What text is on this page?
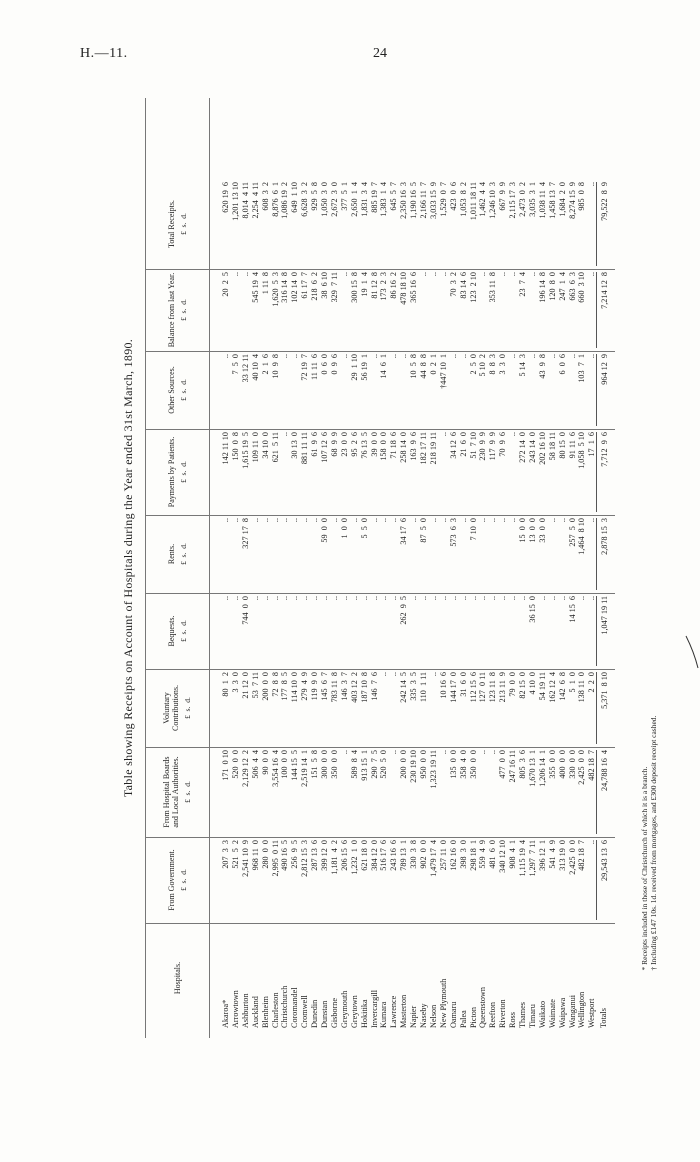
H.—11.	24
Table showing Receipts on Account of Hospitals during the Year ended 31st March, 1890.
Hospitals.
From Government. £  s.  d.
From Hospital Boards and Local Authorities. £  s.  d.
Voluntary Contributions. £  s.  d.
Bequests. £  s.  d.
Rents. £  s.  d.
Payments by Patients. £  s.  d.
Other Sources. £  s.  d.
Balance from last Year. £  s.  d.
Total Receipts. £  s.  d.
Akaroa*
207  3  3
171  0 10
80  1  2
..
..
142 11 10
..
20  2  5
620 19  6
Arrowtown
521  5  2
520  0  0
3  3  0
..
..
150  0  8
7  5  0
..
1,201 13 10
Ashburton
2,541 10  9
2,129 12  2
21 12  0
744  0  0
327 17  8
1,615 19  5
33 12 11
..
8,014  4 11
Auckland
968 11  0
506  4  4
53  7 11
..
..
109 11  0
40 10  4
545 19  4
2,254  4 11
Blenheim
280  0  0
90  0  0
200  0  0
..
..
34 10  0
2  1  6
1 11  8
608  3  2
Charleston
2,995  0 11
3,554 16  4
72  8  8
..
..
621  5 11
10  9  8
1,620  5  3
8,876  6  1
Christchurch
490 16  5
100  0  0
177  8  5
..
..
..
..
316 14  8
1,086 19  2
Coromandel
256  9  5
144 15  5
114 10  0
..
..
30 13  0
..
102 14  0
649  1 10
Cromwell
2,812 15  3
2,519 14  1
279  4  9
..
..
881 11 11
72 19  7
61 17  7
6,628  3  2
Dunedin
287 13  6
151  5  8
119  9  0
..
..
61  9  6
11 11  6
218  6  2
929  5  8
Dunstan
399 12  0
300  0  0
145  6  7
..
59  0  0
107 12  6
0  6  0
38  6 10
1,050  3  0
Gisborne
1,181  4  2
350  0  0
783 11  8
..
..
68  9  9
0  9  6
329  7 11
2,672  3  0
Greymouth
206 15  6
..
146  3  7
..
1  0  0
23  0  0
..
..
377  5  1
Greytown
1,232  1  0
589  8  4
403 12  2
..
..
95  2  6
29  1 10
300 15  8
2,650  1  4
Hokitika
621 18  0
913 15  1
187 10  8
..
5  5  0
76 13  5
56 19  1
19  1  4
1,831  3  4
Invercargill
384 12  0
290  7  5
146  7  6
..
..
39  0  0
..
81 12  8
885 19  7
Kumara
516 17  6
520  5  0
..
..
..
158  0  0
14  6  1
173  2  3
1,383  1  4
Lawrence
243 16  6
..
..
..
..
71 18  6
..
86 16  2
645  5  7
Masterton
789 13  1
200  0  0
242 14  5
262  9  5
34 17  6
258 14  0
..
478 18 10
2,350 16  3
Napier
330  3  8
230 19 10
335  3  5
..
..
163  9  6
10  5  8
365 16  6
1,190 16  5
Naseby
902  0  0
950  0  0
110  1 11
..
87  5  0
182 17 11
44  8  8
..
2,166 11  7
Nelson
1,479 17  4
1,323 19 11
..
..
..
218 19 11
0  2  1
..
3,033 15  9
New Plymouth
257 11  0
..
10 16  6
..
..
..
†447 10  1
..
1,529  0  7
Oamaru
162 16  0
135  0  0
144 17  0
..
573  6  3
34 12  6
..
70  3  2
423  0  6
Palea
398  3  0
358  4  0
31  6  0
..
..
21  6  0
..
83 14  6
1,053  8  2
Picton
298 18  1
350  0  0
112 15  6
..
7 10  0
51  7 10
2  5  0
123  2 10
1,011 18 11
Queenstown
559  4  9
..
127  0 11
..
..
230  9  9
5 10  2
..
1,462  4  4
Reefton
481  6  0
..
123 11  8
..
..
117  9  9
8  8  3
353 11  8
1,246 10  3
Riverton
340 12 10
477  0  0
213 11  9
..
..
70  9  6
3  3  0
..
667  9  9
Ross
908  4  1
247 16 11
79  0  0
..
..
..
..
..
2,115 17  3
Thames
1,115 19  4
805  3  6
82 15  0
..
15  0  0
272 14  0
5 14  3
23  7  4
2,473  0  2
Timaru
1,297  7 11
1,670 13  1
4 10  0
36 15  0
13  0  0
243 14  0
..
..
3,035  3  1
Waikato
396 12  1
1,206 14  1
54 19 11
..
33  0  0
202 16 10
43  9  8
196 14  8
1,038 11  4
Waimate
541  4  9
355  0  0
162 12  4
..
..
58 18 11
..
120  8  0
1,458 13  7
Waipawa
313 19  0
400  0  0
142  6  8
..
..
80 15  0
6  0  6
247  1  4
1,684  2  0
Wanganui
2,425  0  0
330  0  0
5  1  0
14 15  6
257  5  0
91 11  6
..
663  6  3
8,274 15  9
Wellington
482 18  7
2,425  0  0
138 11  0
..
1,464  8 10
1,058  5 10
103  7  1
660  3 10
985  0  8
Westport
..
482 18  7
2  2  0
..
..
17  1  6
..
..
..
Totals
29,543 13  6
24,788 16  4
5,371  8 10
1,047 19 11
2,878 15  3
7,712  9  6
964 12  9
7,214 12  8
79,522  8  9

* Receipts included in those of Christchurch of which it is a branch.
† Including £147 10s. 1d. received from mortgages, and £300 deposit receipt cashed.
